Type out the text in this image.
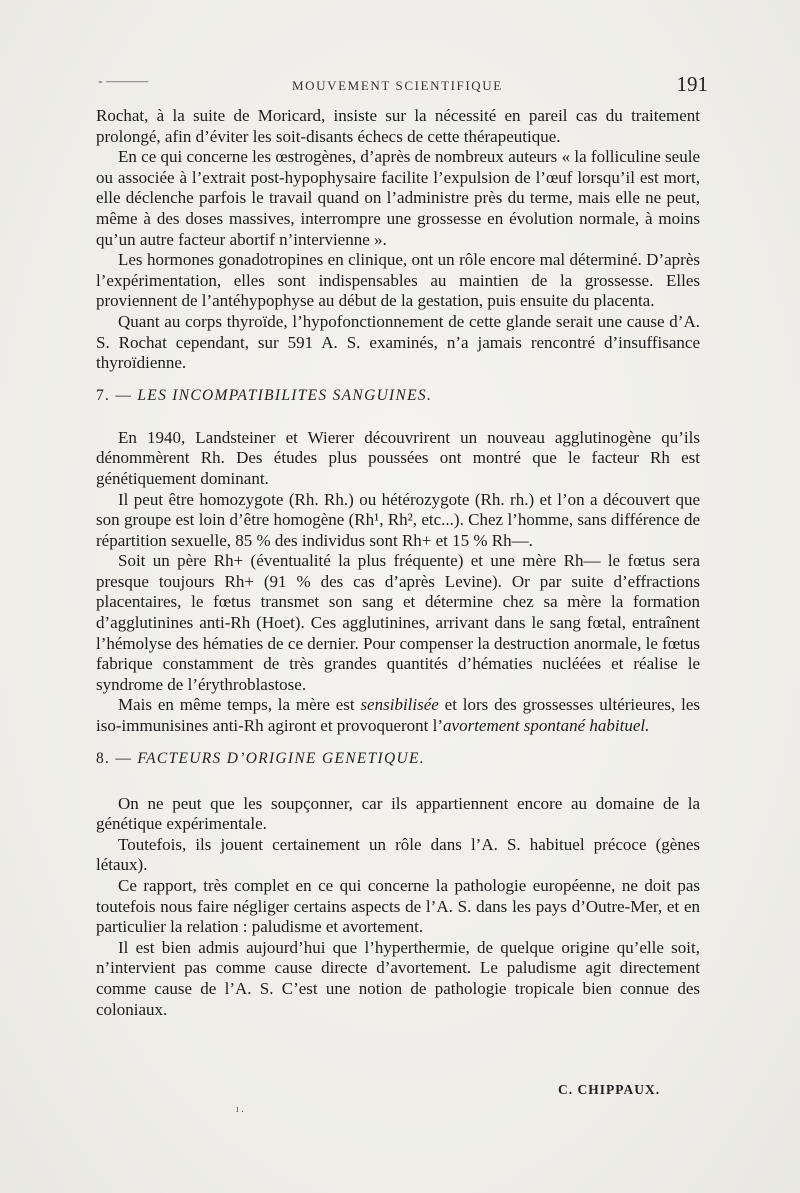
- ———	MOUVEMENT SCIENTIFIQUE	191

Rochat, à la suite de Moricard, insiste sur la nécessité en pareil cas du traitement prolongé, afin d’éviter les soit-disants échecs de cette thérapeutique.

En ce qui concerne les œstrogènes, d’après de nombreux auteurs « la folliculine seule ou associée à l’extrait post-hypophysaire facilite l’expulsion de l’œuf lorsqu’il est mort, elle déclenche parfois le travail quand on l’administre près du terme, mais elle ne peut, même à des doses massives, interrompre une grossesse en évolution normale, à moins qu’un autre facteur abortif n’intervienne ».

Les hormones gonadotropines en clinique, ont un rôle encore mal déterminé. D’après l’expérimentation, elles sont indispensables au maintien de la grossesse. Elles proviennent de l’antéhypophyse au début de la gestation, puis ensuite du placenta.

Quant au corps thyroïde, l’hypofonctionnement de cette glande serait une cause d’A. S. Rochat cependant, sur 591 A. S. examinés, n’a jamais rencontré d’insuffisance thyroïdienne.

7. — LES INCOMPATIBILITES SANGUINES.

En 1940, Landsteiner et Wierer découvrirent un nouveau agglutinogène qu’ils dénommèrent Rh. Des études plus poussées ont montré que le facteur Rh est génétiquement dominant.

Il peut être homozygote (Rh. Rh.) ou hétérozygote (Rh. rh.) et l’on a découvert que son groupe est loin d’être homogène (Rh¹, Rh², etc...). Chez l’homme, sans différence de répartition sexuelle, 85 % des individus sont Rh+ et 15 % Rh—.

Soit un père Rh+ (éventualité la plus fréquente) et une mère Rh— le fœtus sera presque toujours Rh+ (91 % des cas d’après Levine). Or par suite d’effractions placentaires, le fœtus transmet son sang et détermine chez sa mère la formation d’agglutinines anti-Rh (Hoet). Ces agglutinines, arrivant dans le sang fœtal, entraînent l’hémolyse des hématies de ce dernier. Pour compenser la destruction anormale, le fœtus fabrique constamment de très grandes quantités d’hématies nucléées et réalise le syndrome de l’érythroblastose.

Mais en même temps, la mère est sensibilisée et lors des grossesses ultérieures, les iso-immunisines anti-Rh agiront et provoqueront l’avortement spontané habituel.

8. — FACTEURS D’ORIGINE GENETIQUE.

On ne peut que les soupçonner, car ils appartiennent encore au domaine de la génétique expérimentale.

Toutefois, ils jouent certainement un rôle dans l’A. S. habituel précoce (gènes létaux).

Ce rapport, très complet en ce qui concerne la pathologie européenne, ne doit pas toutefois nous faire négliger certains aspects de l’A. S. dans les pays d’Outre-Mer, et en particulier la relation : paludisme et avortement.

Il est bien admis aujourd’hui que l’hyperthermie, de quelque origine qu’elle soit, n’intervient pas comme cause directe d’avortement. Le paludisme agit directement comme cause de l’A. S. C’est une notion de pathologie tropicale bien connue des coloniaux.

C. CHIPPAUX.
ı .
